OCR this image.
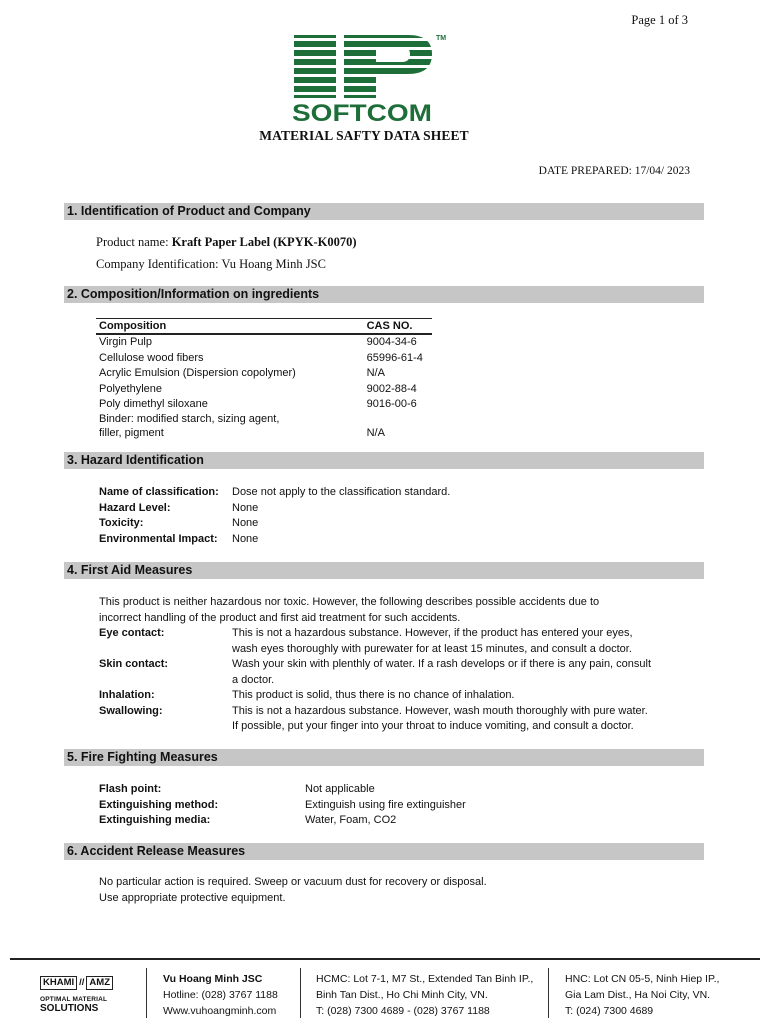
Page 1 of 3
TM
SOFTCOM
MATERIAL SAFTY DATA SHEET
DATE PREPARED: 17/04/ 2023
1. Identification of Product and Company
Product name: Kraft Paper Label (KPYK-K0070)
Company Identification: Vu Hoang Minh JSC
2. Composition/Information on ingredients
Composition	CAS NO.
Virgin Pulp	9004-34-6
Cellulose wood fibers	65996-61-4
Acrylic Emulsion (Dispersion copolymer)	N/A
Polyethylene	9002-88-4
Poly dimethyl siloxane	9016-00-6
Binder: modified starch, sizing agent,
filler, pigment	N/A
3. Hazard Identification
Name of classification: Dose not apply to the classification standard.
Hazard Level:	None
Toxicity:	None
Environmental Impact: None
4. First Aid Measures
This product is neither hazardous nor toxic. However, the following describes possible accidents due to
incorrect handling of the product and first aid treatment for such accidents.
Eye contact:	This is not a hazardous substance. However, if the product has entered your eyes,
wash eyes thoroughly with purewater for at least 15 minutes, and consult a doctor.
Skin contact:	Wash your skin with plenthly of water. If a rash develops or if there is any pain, consult
a doctor.
Inhalation:	This product is solid, thus there is no chance of inhalation.
Swallowing:	This is not a hazardous substance. However, wash mouth thoroughly with pure water.
If possible, put your finger into your throat to induce vomiting, and consult a doctor.
5. Fire Fighting Measures
Flash point:	Not applicable
Extinguishing method:	Extinguish using fire extinguisher
Extinguishing media:	Water, Foam, CO2
6. Accident Release Measures
No particular action is required. Sweep or vacuum dust for recovery or disposal.
Use appropriate protective equipment.
KHAMI // AMZ
OPTIMAL MATERIAL
SOLUTIONS
Vu Hoang Minh JSC
Hotline: (028) 3767 1188
Www.vuhoangminh.com
HCMC: Lot 7-1, M7 St., Extended Tan Binh IP.,
Binh Tan Dist., Ho Chi Minh City, VN.
T: (028) 7300 4689 - (028) 3767 1188
HNC: Lot CN 05-5, Ninh Hiep IP.,
Gia Lam Dist., Ha Noi City, VN.
T: (024) 7300 4689
